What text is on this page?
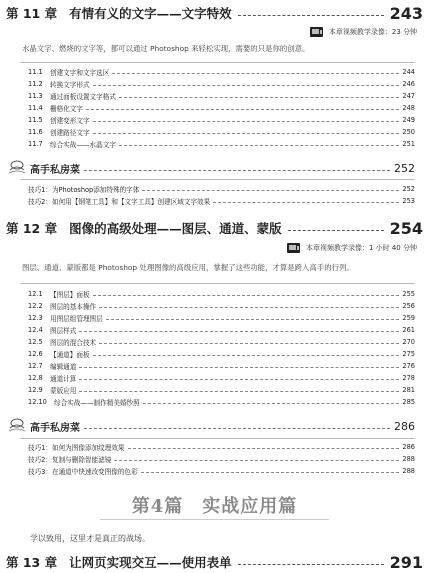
第 11 章 有情有义的文字——文字特效	243
本章视频教学录像：23 分钟
水晶文字、燃烧的文字等，都可以通过 Photoshop 来轻松实现，需要的只是你的创意。
11.1	创建文字和文字选区	244
11.2	转换文字形式	246
11.3	通过面板设置文字格式	247
11.4	栅格化文字	248
11.5	创建变形文字	249
11.6	创建路径文字	250
11.7	综合实战——水晶文字	251
高手私房菜	252
技巧1：为Photoshop添加特殊的字体	252
技巧2：如何用【钢笔工具】和【文字工具】创建区域文字效果	253
第 12 章 图像的高级处理——图层、通道、蒙版	254
本章视频教学录像：1 小时 40 分钟
图层、通道、蒙版都是 Photoshop 处理图像的高级应用，掌握了这些功能，才算是跨入高手的行列。
12.1	【图层】面板	255
12.2	图层的基本操作	256
12.3	用图层组管理图层	259
12.4	图层样式	261
12.5	图层的混合技术	270
12.6	【通道】面板	275
12.7	编辑通道	276
12.8	通道计算	278
12.9	蒙版应用	281
12.10	综合实战——制作精美婚纱照	285
高手私房菜	286
技巧1：如何为图像添加纹理效果	286
技巧2：复制与删除智能滤镜	288
技巧3：在通道中快速改变图像的色彩	288
第4篇　实战应用篇
学以致用，这里才是真正的战场。
第 13 章 让网页实现交互——使用表单	291
